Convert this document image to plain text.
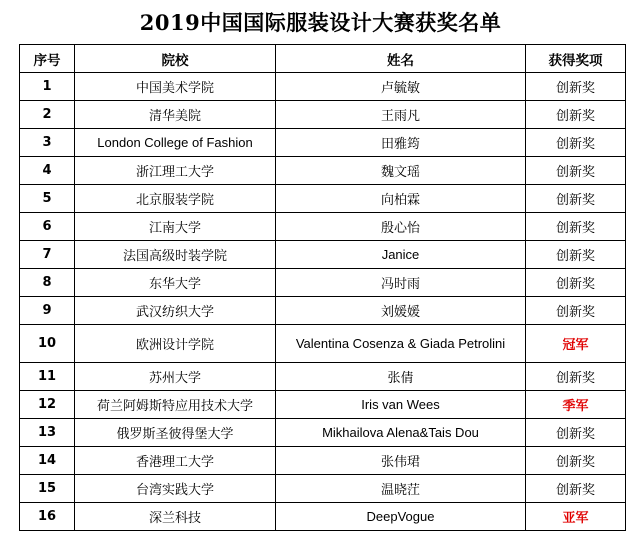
2019中国国际服装设计大赛获奖名单
序号	院校	姓名	获得奖项
1	中国美术学院	卢毓敏	创新奖
2	清华美院	王雨凡	创新奖
3	London College of Fashion	田雅筠	创新奖
4	浙江理工大学	魏文瑶	创新奖
5	北京服装学院	向柏霖	创新奖
6	江南大学	殷心怡	创新奖
7	法国高级时装学院	Janice	创新奖
8	东华大学	冯时雨	创新奖
9	武汉纺织大学	刘媛媛	创新奖
10	欧洲设计学院	Valentina Cosenza & Giada Petrolini	冠军
11	苏州大学	张倩	创新奖
12	荷兰阿姆斯特应用技术大学	Iris van Wees	季军
13	俄罗斯圣彼得堡大学	Mikhailova Alena&Tais Dou	创新奖
14	香港理工大学	张伟珺	创新奖
15	台湾实践大学	温晓茳	创新奖
16	深兰科技	DeepVogue	亚军
